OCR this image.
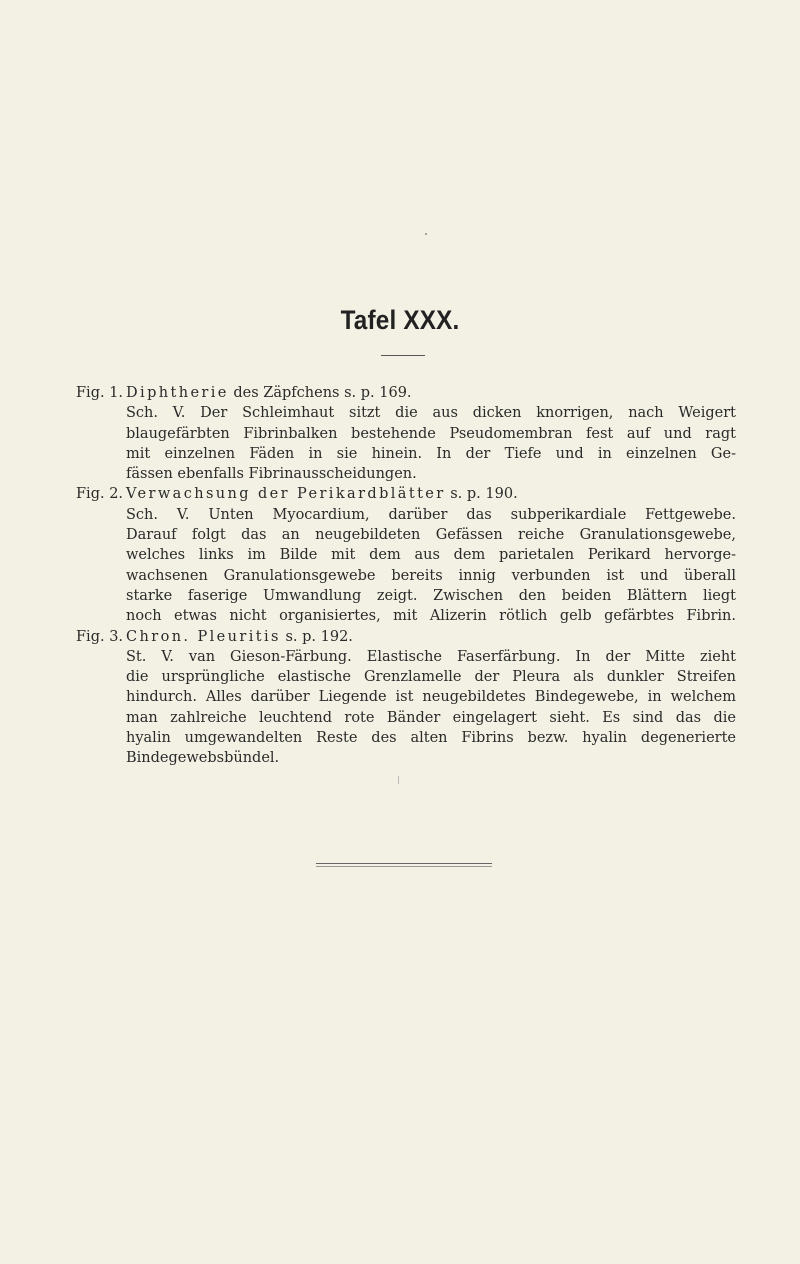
Tafel XXX.
Fig. 1. Diphtherie des Zäpfchens s. p. 169.
Sch. V. Der Schleimhaut sitzt die aus dicken knorrigen, nach Weigert
blaugefärbten Fibrinbalken bestehende Pseudomembran fest auf und ragt
mit einzelnen Fäden in sie hinein. In der Tiefe und in einzelnen Ge-
fässen ebenfalls Fibrinausscheidungen.
Fig. 2. Verwachsung der Perikardblätter s. p. 190.
Sch. V. Unten Myocardium, darüber das subperikardiale Fettgewebe.
Darauf folgt das an neugebildeten Gefässen reiche Granulationsgewebe,
welches links im Bilde mit dem aus dem parietalen Perikard hervorge-
wachsenen Granulationsgewebe bereits innig verbunden ist und überall
starke faserige Umwandlung zeigt. Zwischen den beiden Blättern liegt
noch etwas nicht organisiertes, mit Alizerin rötlich gelb gefärbtes Fibrin.
Fig. 3. Chron. Pleuritis s. p. 192.
St. V. van Gieson-Färbung. Elastische Faserfärbung. In der Mitte zieht
die ursprüngliche elastische Grenzlamelle der Pleura als dunkler Streifen
hindurch. Alles darüber Liegende ist neugebildetes Bindegewebe, in welchem
man zahlreiche leuchtend rote Bänder eingelagert sieht. Es sind das die
hyalin umgewandelten Reste des alten Fibrins bezw. hyalin degenerierte
Bindegewebsbündel.
